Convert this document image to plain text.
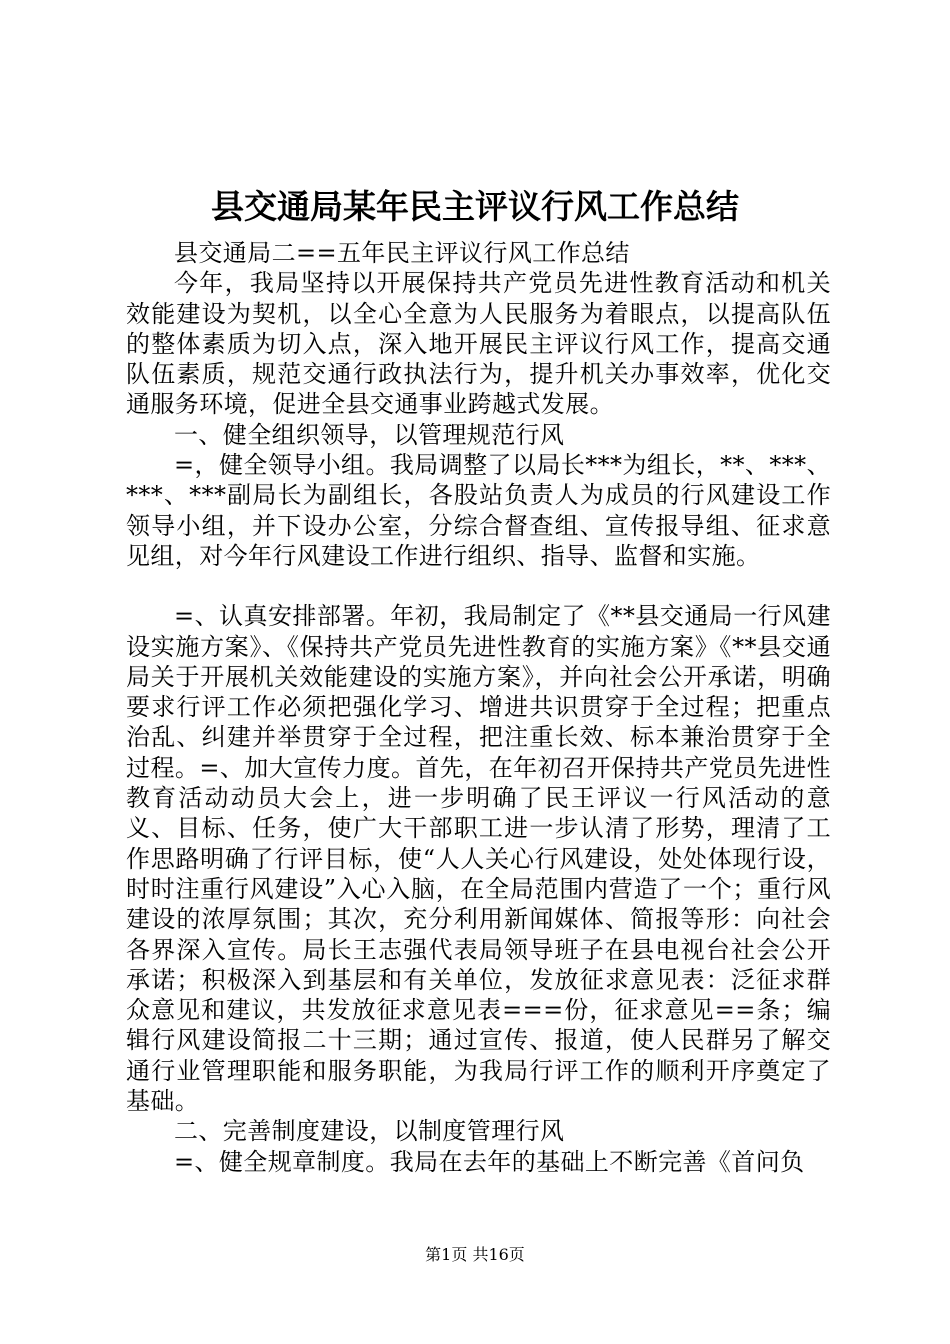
县交通局某年民主评议行风工作总结

县交通局二==五年民主评议行风工作总结

今年，我局坚持以开展保持共产党员先进性教育活动和机关效能建设为契机，以全心全意为人民服务为着眼点，以提高队伍的整体素质为切入点，深入地开展民主评议行风工作，提高交通队伍素质，规范交通行政执法行为，提升机关办事效率，优化交通服务环境，促进全县交通事业跨越式发展。

一、健全组织领导，以管理规范行风

=，健全领导小组。我局调整了以局长***为组长，**、***、***、***副局长为副组长，各股站负责人为成员的行风建设工作领导小组，并下设办公室，分综合督查组、宣传报导组、征求意见组，对今年行风建设工作进行组织、指导、监督和实施。

=、认真安排部署。年初，我局制定了《**县交通局一行风建设实施方案》、《保持共产党员先进性教育的实施方案》《**县交通局关于开展机关效能建设的实施方案》，并向社会公开承诺，明确要求行评工作必须把强化学习、增进共识贯穿于全过程；把重点治乱、纠建并举贯穿于全过程，把注重长效、标本兼治贯穿于全过程。=、加大宣传力度。首先，在年初召开保持共产党员先进性教育活动动员大会上，进一步明确了民王评议一行风活动的意义、目标、任务，使广大干部职工进一步认清了形势，理清了工作思路明确了行评目标，使“人人关心行风建设，处处体现行设，时时注重行风建设”入心入脑，在全局范围内营造了一个；重行风建设的浓厚氛围；其次，充分利用新闻媒体、简报等形：向社会各界深入宣传。局长王志强代表局领导班子在县电视台社会公开承诺；积极深入到基层和有关单位，发放征求意见表：泛征求群众意见和建议，共发放征求意见表===份，征求意见==条；编辑行风建设简报二十三期；通过宣传、报道，使人民群另了解交通行业管理职能和服务职能，为我局行评工作的顺利开序奠定了基础。

二、完善制度建设，以制度管理行风

=、健全规章制度。我局在去年的基础上不断完善《首问负

第1页 共16页
